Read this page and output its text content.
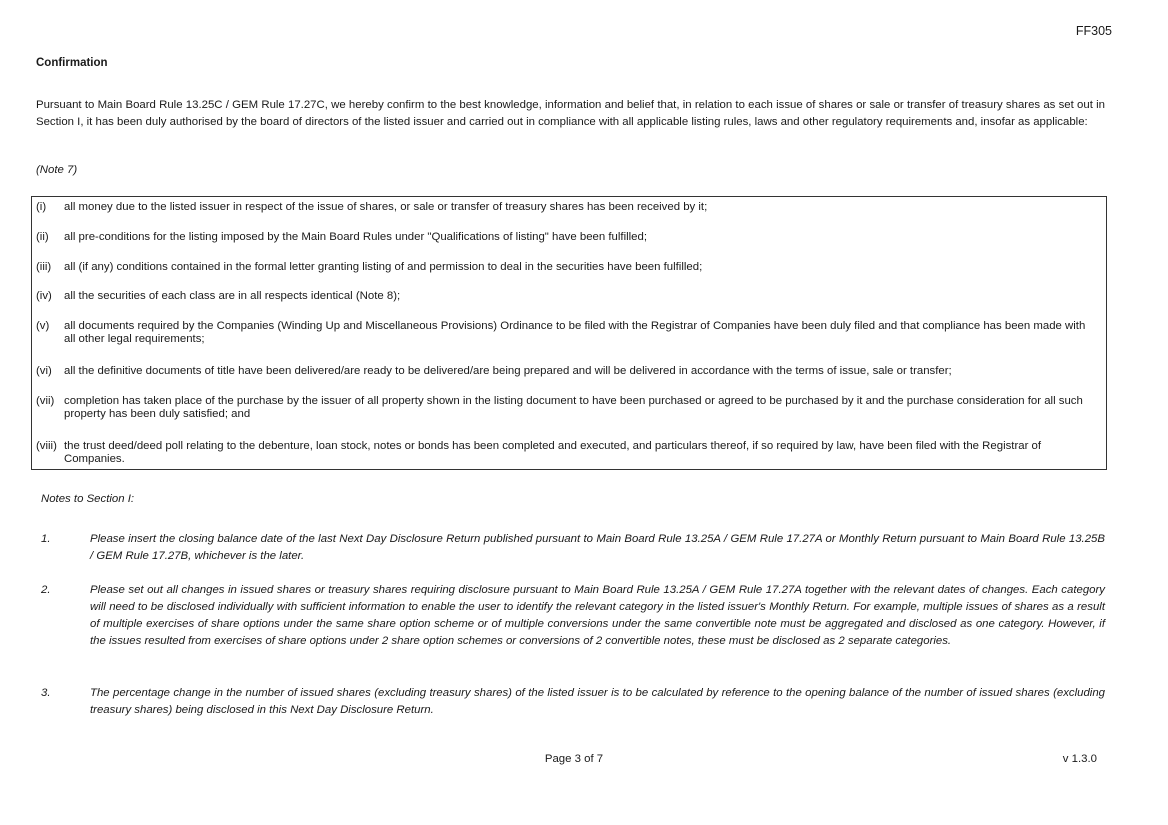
FF305
Confirmation
Pursuant to Main Board Rule 13.25C / GEM Rule 17.27C, we hereby confirm to the best knowledge, information and belief that, in relation to each issue of shares or sale or transfer of treasury shares as set out in Section I, it has been duly authorised by the board of directors of the listed issuer and carried out in compliance with all applicable listing rules, laws and other regulatory requirements and, insofar as applicable:
(Note 7)
(i)	all money due to the listed issuer in respect of the issue of shares, or sale or transfer of treasury shares has been received by it;
(ii)	all pre-conditions for the listing imposed by the Main Board Rules under "Qualifications of listing" have been fulfilled;
(iii)	all (if any) conditions contained in the formal letter granting listing of and permission to deal in the securities have been fulfilled;
(iv)	all the securities of each class are in all respects identical (Note 8);
(v)	all documents required by the Companies (Winding Up and Miscellaneous Provisions) Ordinance to be filed with the Registrar of Companies have been duly filed and that compliance has been made with all other legal requirements;
(vi)	all the definitive documents of title have been delivered/are ready to be delivered/are being prepared and will be delivered in accordance with the terms of issue, sale or transfer;
(vii) completion has taken place of the purchase by the issuer of all property shown in the listing document to have been purchased or agreed to be purchased by it and the purchase consideration for all such property has been duly satisfied; and
(viii) the trust deed/deed poll relating to the debenture, loan stock, notes or bonds has been completed and executed, and particulars thereof, if so required by law, have been filed with the Registrar of Companies.
Notes to Section I:
1.	Please insert the closing balance date of the last Next Day Disclosure Return published pursuant to Main Board Rule 13.25A / GEM Rule 17.27A or Monthly Return pursuant to Main Board Rule 13.25B / GEM Rule 17.27B, whichever is the later.
2.	Please set out all changes in issued shares or treasury shares requiring disclosure pursuant to Main Board Rule 13.25A / GEM Rule 17.27A together with the relevant dates of changes. Each category will need to be disclosed individually with sufficient information to enable the user to identify the relevant category in the listed issuer's Monthly Return. For example, multiple issues of shares as a result of multiple exercises of share options under the same share option scheme or of multiple conversions under the same convertible note must be aggregated and disclosed as one category. However, if the issues resulted from exercises of share options under 2 share option schemes or conversions of 2 convertible notes, these must be disclosed as 2 separate categories.
3.	The percentage change in the number of issued shares (excluding treasury shares) of the listed issuer is to be calculated by reference to the opening balance of the number of issued shares (excluding treasury shares) being disclosed in this Next Day Disclosure Return.
Page 3 of 7	v 1.3.0
